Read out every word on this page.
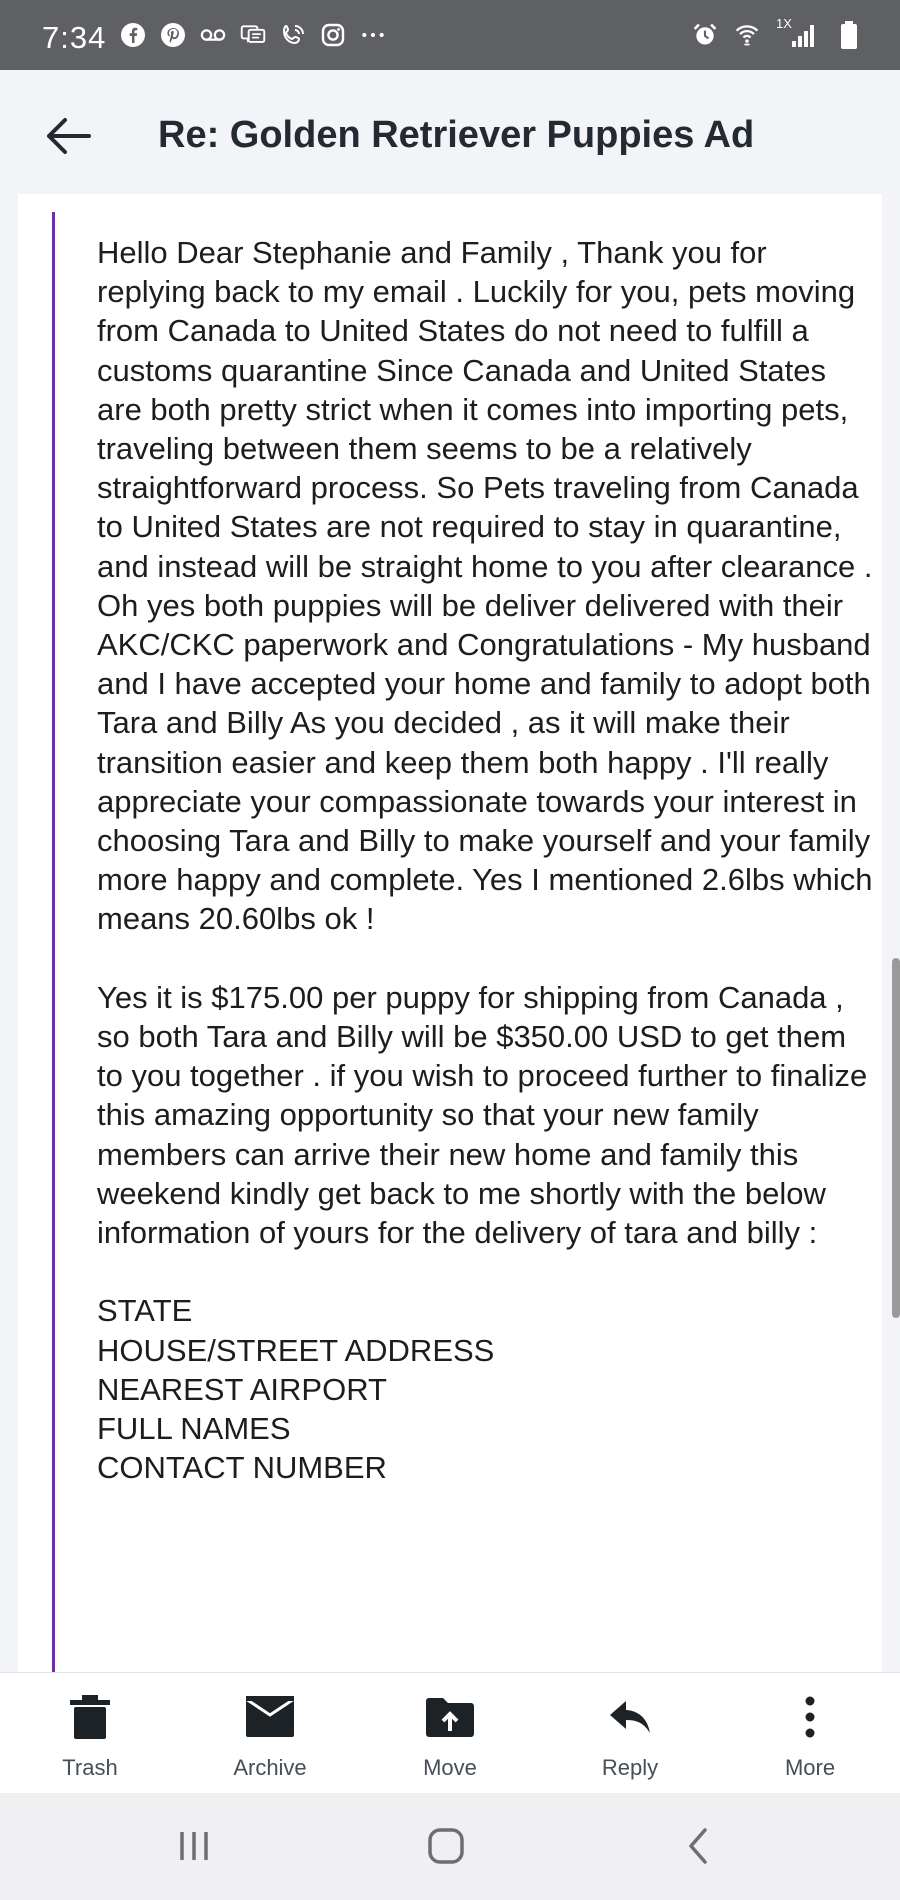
7:34	1X
Re: Golden Retriever Puppies Ad

Hello Dear Stephanie and Family , Thank you for replying back to my email . Luckily for you, pets moving from Canada to United States do not need to fulfill a customs quarantine Since Canada and United States are both pretty strict when it comes into importing pets, traveling between them seems to be a relatively straightforward process. So Pets traveling from Canada to United States are not required to stay in quarantine, and instead will be straight home to you after clearance .

Oh yes both puppies will be deliver delivered with their AKC/CKC paperwork and Congratulations - My husband and I have accepted your home and family to adopt both Tara and Billy As you decided , as it will make their transition easier and keep them both happy . I'll really appreciate your compassionate towards your interest in choosing Tara and Billy to make yourself and your family more happy and complete. Yes I mentioned 2.6lbs which means 20.60lbs ok !

Yes it is $175.00 per puppy for shipping from Canada , so both Tara and Billy will be $350.00 USD to get them to you together . if you wish to proceed further to finalize this amazing opportunity so that your new family members can arrive their new home and family this weekend kindly get back to me shortly with the below information of yours for the delivery of tara and billy :

STATE
HOUSE/STREET ADDRESS
NEAREST AIRPORT
FULL NAMES
CONTACT NUMBER
Trash	Archive	Move	Reply	More
